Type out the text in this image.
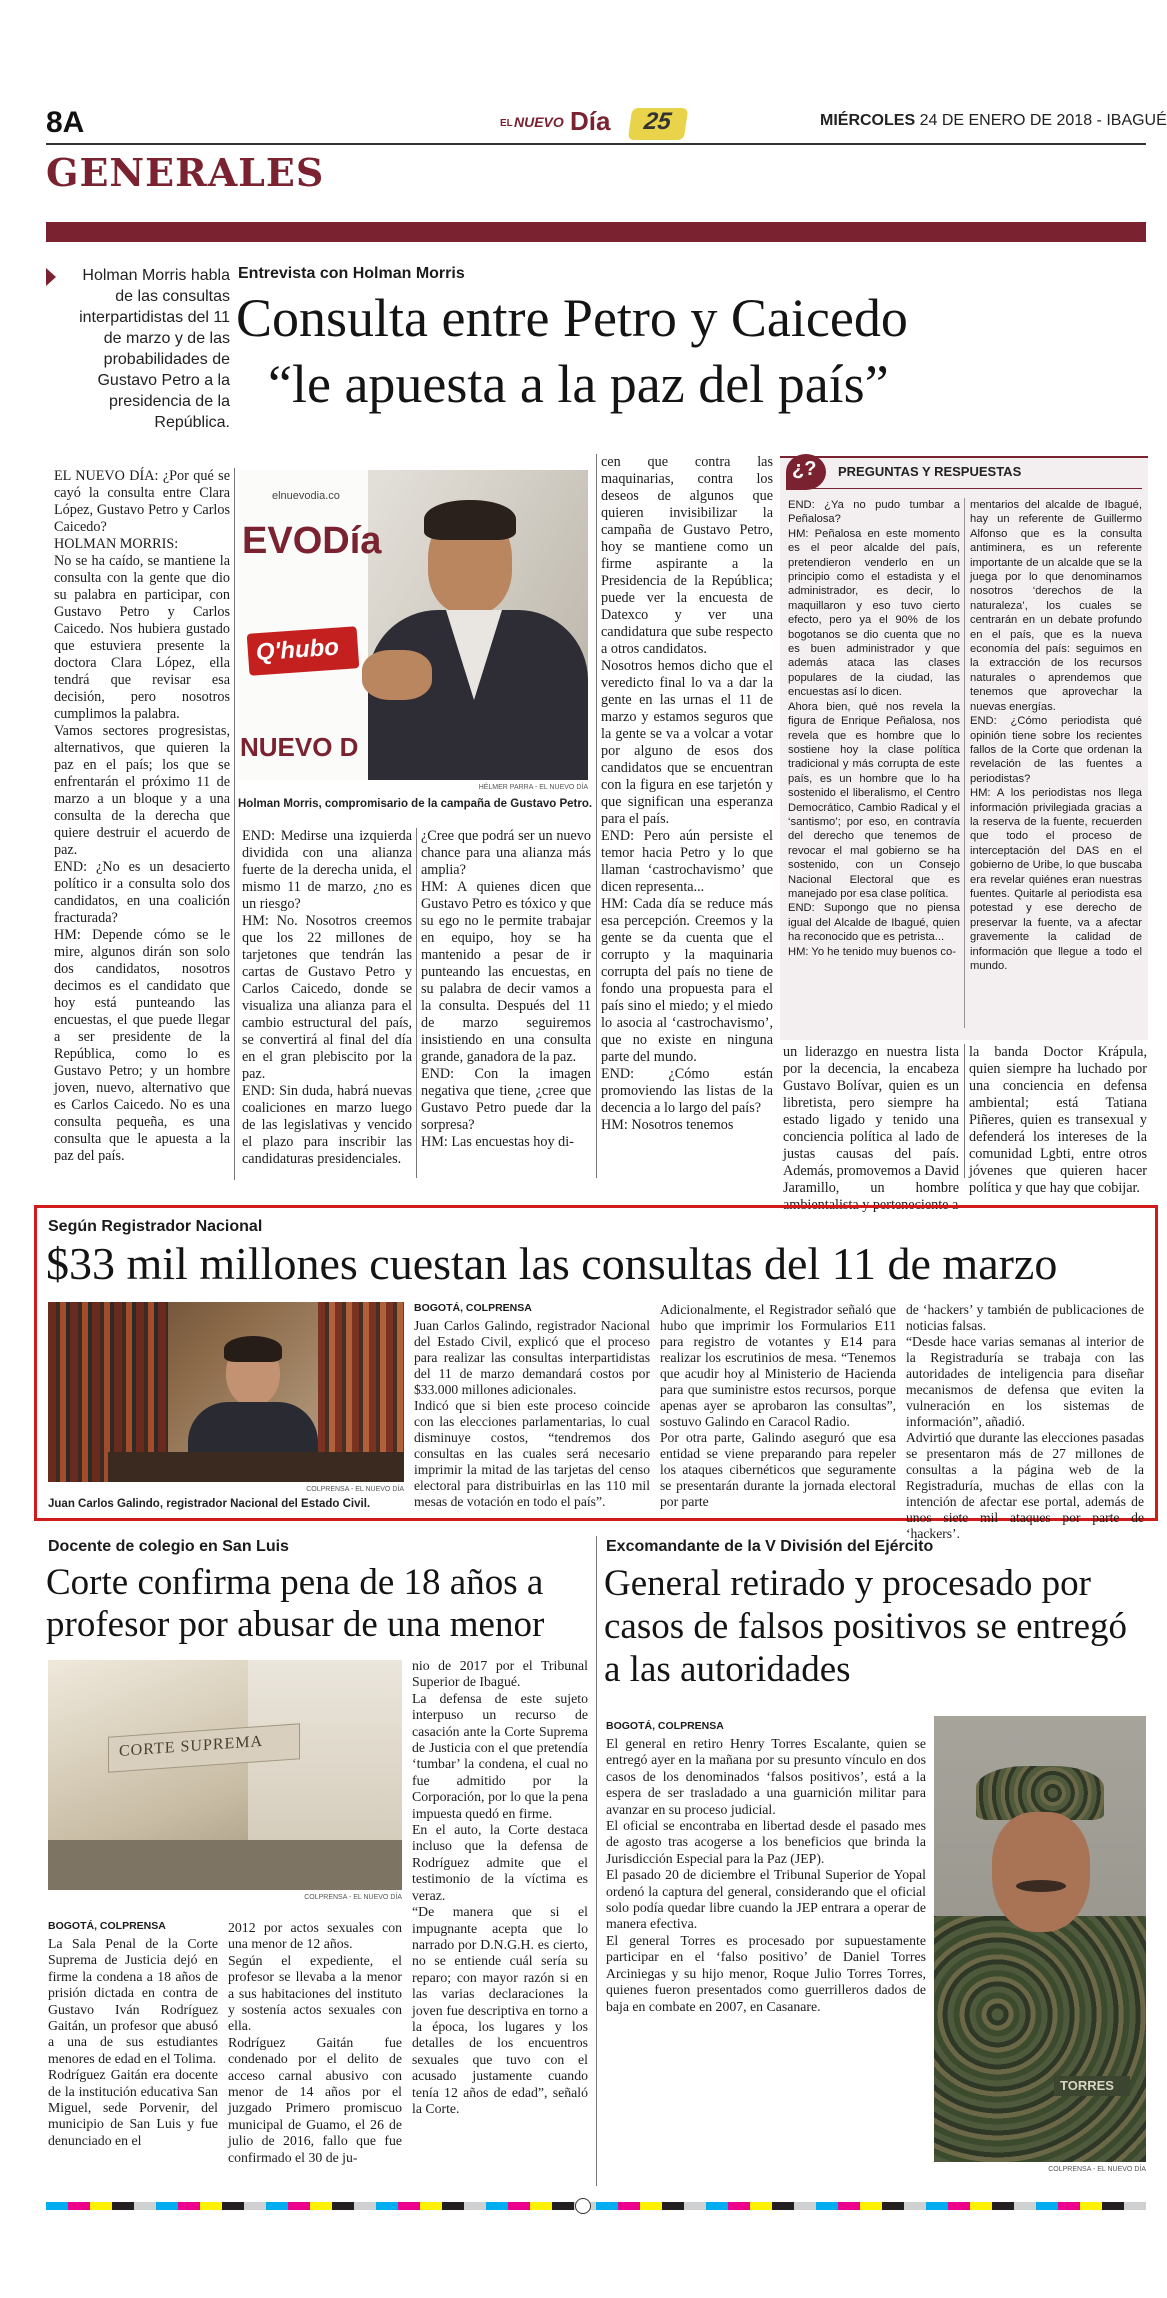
8A
GENERALES
EL NUEVO Día 25	MIÉRCOLES 24 DE ENERO DE 2018 - IBAGUÉ
Holman Morris habla de las consultas interpartidistas del 11 de marzo y de las probabilidades de Gustavo Petro a la presidencia de la República.
Entrevista con Holman Morris
Consulta entre Petro y Caicedo
“le apuesta a la paz del país”
EL NUEVO DÍA: ¿Por qué se cayó la consulta entre Clara López, Gustavo Petro y Carlos Caicedo?
HOLMAN MORRIS:
No se ha caído, se mantiene la consulta con la gente que dio su palabra en participar, con Gustavo Petro y Carlos Caicedo. Nos hubiera gustado que estuviera presente la doctora Clara López, ella tendrá que revisar esa decisión, pero nosotros cumplimos la palabra.
Vamos sectores progresistas, alternativos, que quieren la paz en el país; los que se enfrentarán el próximo 11 de marzo a un bloque y a una consulta de la derecha que quiere destruir el acuerdo de paz.
END: ¿No es un desacierto político ir a consulta solo dos candidatos, en una coalición fracturada?
HM: Depende cómo se le mire, algunos dirán son solo dos candidatos, nosotros decimos es el candidato que hoy está punteando las encuestas, el que puede llegar a ser presidente de la República, como lo es Gustavo Petro; y un hombre joven, nuevo, alternativo que es Carlos Caicedo. No es una consulta pequeña, es una consulta que le apuesta a la paz del país.
EVODía
elnuevodia.co
Q'hubo
NUEVO D
HÉLMER PARRA - EL NUEVO DÍA
Holman Morris, compromisario de la campaña de Gustavo Petro.
END: Medirse una izquierda dividida con una alianza fuerte de la derecha unida, el mismo 11 de marzo, ¿no es un riesgo?
HM: No. Nosotros creemos que los 22 millones de tarjetones que tendrán las cartas de Gustavo Petro y Carlos Caicedo, donde se visualiza una alianza para el cambio estructural del país, se convertirá al final del día en el gran plebiscito por la paz.
END: Sin duda, habrá nuevas coaliciones en marzo luego de las legislativas y vencido el plazo para inscribir las candidaturas presidenciales.
¿Cree que podrá ser un nuevo chance para una alianza más amplia?
HM: A quienes dicen que Gustavo Petro es tóxico y que su ego no le permite trabajar en equipo, hoy se ha mantenido a pesar de ir punteando las encuestas, en su palabra de decir vamos a la consulta. Después del 11 de marzo seguiremos insistiendo en una consulta grande, ganadora de la paz.
END: Con la imagen negativa que tiene, ¿cree que Gustavo Petro puede dar la sorpresa?
HM: Las encuestas hoy di-
cen que contra las maquinarias, contra los deseos de algunos que quieren invisibilizar la campaña de Gustavo Petro, hoy se mantiene como un firme aspirante a la Presidencia de la República; puede ver la encuesta de Datexco y ver una candidatura que sube respecto a otros candidatos.
Nosotros hemos dicho que el veredicto final lo va a dar la gente en las urnas el 11 de marzo y estamos seguros que la gente se va a volcar a votar por alguno de esos dos candidatos que se encuentran con la figura en ese tarjetón y que significan una esperanza para el país.
END: Pero aún persiste el temor hacia Petro y lo que llaman ‘castrochavismo’ que dicen representa...
HM: Cada día se reduce más esa percepción. Creemos y la gente se da cuenta que el corrupto y la maquinaria corrupta del país no tiene de fondo una propuesta para el país sino el miedo; y el miedo lo asocia al ‘castrochavismo’, que no existe en ninguna parte del mundo.
END: ¿Cómo están promoviendo las listas de la decencia a lo largo del país?
HM: Nosotros tenemos
¿? PREGUNTAS Y RESPUESTAS
END: ¿Ya no pudo tumbar a Peñalosa?
HM: Peñalosa en este momento es el peor alcalde del país, pretendieron venderlo en un principio como el estadista y el administrador, es decir, lo maquillaron y eso tuvo cierto efecto, pero ya el 90% de los bogotanos se dio cuenta que no es buen administrador y que además ataca las clases populares de la ciudad, las encuestas así lo dicen.
Ahora bien, qué nos revela la figura de Enrique Peñalosa, nos revela que es hombre que lo sostiene hoy la clase política tradicional y más corrupta de este país, es un hombre que lo ha sostenido el liberalismo, el Centro Democrático, Cambio Radical y el ‘santismo’; por eso, en contravía del derecho que tenemos de revocar el mal gobierno se ha sostenido, con un Consejo Nacional Electoral que es manejado por esa clase política.
END: Supongo que no piensa igual del Alcalde de Ibagué, quien ha reconocido que es petrista...
HM: Yo he tenido muy buenos co-
mentarios del alcalde de Ibagué, hay un referente de Guillermo Alfonso que es la consulta antiminera, es un referente importante de un alcalde que se la juega por lo que denominamos nosotros ‘derechos de la naturaleza’, los cuales se centrarán en un debate profundo en el país, que es la nueva economía del país: seguimos en la extracción de los recursos naturales o aprendemos que tenemos que aprovechar la nuevas energías.
END: ¿Cómo periodista qué opinión tiene sobre los recientes fallos de la Corte que ordenan la revelación de las fuentes a periodistas?
HM: A los periodistas nos llega información privilegiada gracias a la reserva de la fuente, recuerden que todo el proceso de interceptación del DAS en el gobierno de Uribe, lo que buscaba era revelar quiénes eran nuestras fuentes. Quitarle al periodista esa potestad y ese derecho de preservar la fuente, va a afectar gravemente la calidad de información que llegue a todo el mundo.
un liderazgo en nuestra lista por la decencia, la encabeza Gustavo Bolívar, quien es un libretista, pero siempre ha estado ligado y tenido una conciencia política al lado de justas causas del país. Además, promovemos a David Jaramillo, un hombre ambientalista y perteneciente a
la banda Doctor Krápula, quien siempre ha luchado por una conciencia en defensa ambiental; está Tatiana Piñeres, quien es transexual y defenderá los intereses de la comunidad Lgbti, entre otros jóvenes que quieren hacer política y que hay que cobijar.
Según Registrador Nacional
$33 mil millones cuestan las consultas del 11 de marzo
COLPRENSA - EL NUEVO DÍA
Juan Carlos Galindo, registrador Nacional del Estado Civil.
BOGOTÁ, COLPRENSA
Juan Carlos Galindo, registrador Nacional del Estado Civil, explicó que el proceso para realizar las consultas interpartidistas del 11 de marzo demandará costos por $33.000 millones adicionales.
Indicó que si bien este proceso coincide con las elecciones parlamentarias, lo cual disminuye costos, “tendremos dos consultas en las cuales será necesario imprimir la mitad de las tarjetas del censo electoral para distribuirlas en las 110 mil mesas de votación en todo el país”.
Adicionalmente, el Registrador señaló que hubo que imprimir los Formularios E11 para registro de votantes y E14 para realizar los escrutinios de mesa. “Tenemos que acudir hoy al Ministerio de Hacienda para que suministre estos recursos, porque apenas ayer se aprobaron las consultas”, sostuvo Galindo en Caracol Radio.
Por otra parte, Galindo aseguró que esa entidad se viene preparando para repeler los ataques cibernéticos que seguramente se presentarán durante la jornada electoral por parte
de ‘hackers’ y también de publicaciones de noticias falsas.
“Desde hace varias semanas al interior de la Registraduría se trabaja con las autoridades de inteligencia para diseñar mecanismos de defensa que eviten la vulneración en los sistemas de información”, añadió.
Advirtió que durante las elecciones pasadas se presentaron más de 27 millones de consultas a la página web de la Registraduría, muchas de ellas con la intención de afectar ese portal, además de unos siete mil ataques por parte de ‘hackers’.
Docente de colegio en San Luis
Corte confirma pena de 18 años a profesor por abusar de una menor
CORTE SUPREMA
COLPRENSA - EL NUEVO DÍA
BOGOTÁ, COLPRENSA
La Sala Penal de la Corte Suprema de Justicia dejó en firme la condena a 18 años de prisión dictada en contra de Gustavo Iván Rodríguez Gaitán, un profesor que abusó a una de sus estudiantes menores de edad en el Tolima.
Rodríguez Gaitán era docente de la institución educativa San Miguel, sede Porvenir, del municipio de San Luis y fue denunciado en el
2012 por actos sexuales con una menor de 12 años.
Según el expediente, el profesor se llevaba a la menor a sus habitaciones del instituto y sostenía actos sexuales con ella.
Rodríguez Gaitán fue condenado por el delito de acceso carnal abusivo con menor de 14 años por el juzgado Primero promiscuo municipal de Guamo, el 26 de julio de 2016, fallo que fue confirmado el 30 de ju-
nio de 2017 por el Tribunal Superior de Ibagué.
La defensa de este sujeto interpuso un recurso de casación ante la Corte Suprema de Justicia con el que pretendía ‘tumbar’ la condena, el cual no fue admitido por la Corporación, por lo que la pena impuesta quedó en firme.
En el auto, la Corte destaca incluso que la defensa de Rodríguez admite que el testimonio de la víctima es veraz.
“De manera que si el impugnante acepta que lo narrado por D.N.G.H. es cierto, no se entiende cuál sería su reparo; con mayor razón si en las varias declaraciones la joven fue descriptiva en torno a la época, los lugares y los detalles de los encuentros sexuales que tuvo con el acusado justamente cuando tenía 12 años de edad”, señaló la Corte.
Excomandante de la V División del Ejército
General retirado y procesado por casos de falsos positivos se entregó a las autoridades
BOGOTÁ, COLPRENSA
El general en retiro Henry Torres Escalante, quien se entregó ayer en la mañana por su presunto vínculo en dos casos de los denominados ‘falsos positivos’, está a la espera de ser trasladado a una guarnición militar para avanzar en su proceso judicial.
El oficial se encontraba en libertad desde el pasado mes de agosto tras acogerse a los beneficios que brinda la Jurisdicción Especial para la Paz (JEP).
El pasado 20 de diciembre el Tribunal Superior de Yopal ordenó la captura del general, considerando que el oficial solo podía quedar libre cuando la JEP entrara a operar de manera efectiva.
El general Torres es procesado por supuestamente participar en el ‘falso positivo’ de Daniel Torres Arciniegas y su hijo menor, Roque Julio Torres Torres, quienes fueron presentados como guerrilleros dados de baja en combate en 2007, en Casanare.
TORRES
COLPRENSA - EL NUEVO DÍA
